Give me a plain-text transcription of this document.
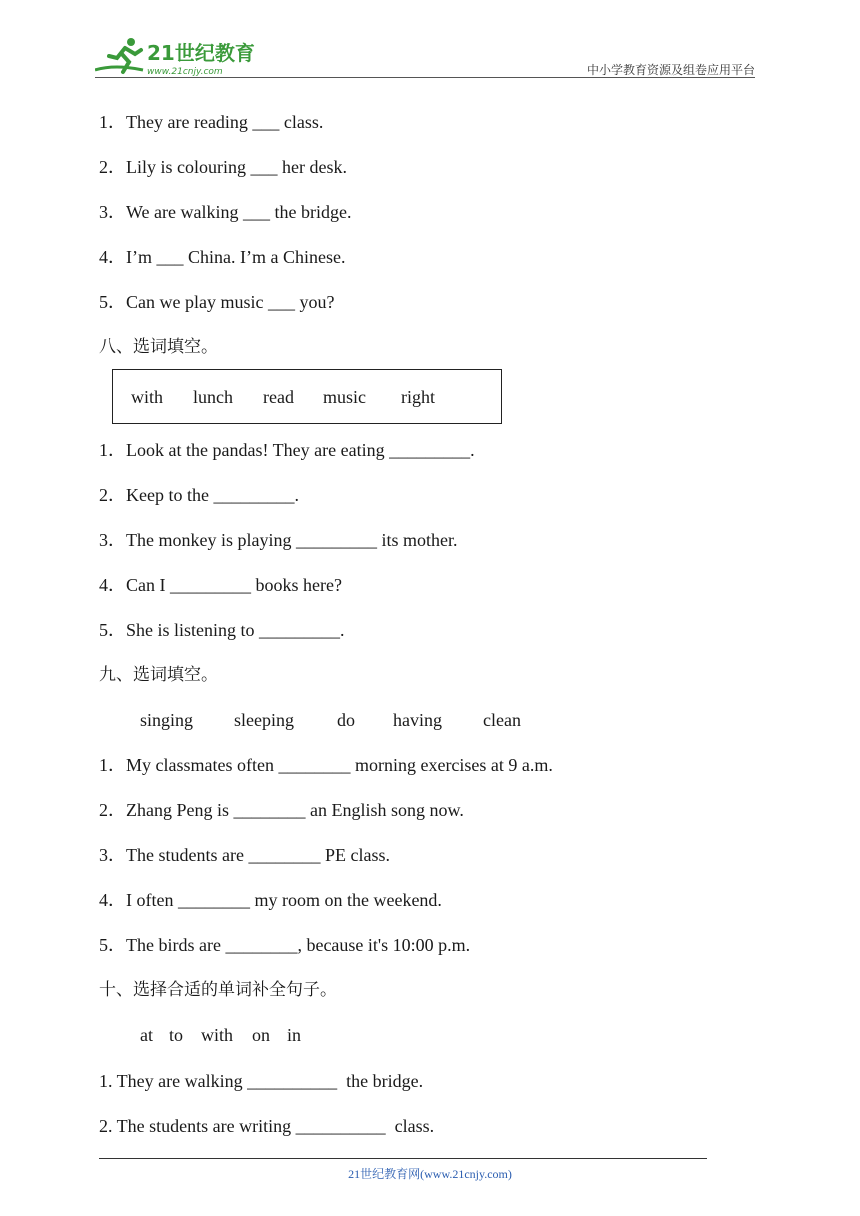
21世纪教育
www.21cnjy.com	中小学教育资源及组卷应用平台
1．They are reading ___ class.
2．Lily is colouring ___ her desk.
3．We are walking ___ the bridge.
4．I’m ___ China. I’m a Chinese.
5．Can we play music ___ you?
八、选词填空。
with lunch read music right
1．Look at the pandas! They are eating _________.
2．Keep to the _________.
3．The monkey is playing _________ its mother.
4．Can I _________ books here?
5．She is listening to _________.
九、选词填空。
singing sleeping do having clean
1．My classmates often ________ morning exercises at 9 a.m.
2．Zhang Peng is ________ an English song now.
3．The students are ________ PE class.
4．I often ________ my room on the weekend.
5．The birds are ________, because it's 10:00 p.m.
十、选择合适的单词补全句子。
at to with on in
1. They are walking __________  the bridge.
2. The students are writing __________  class.
21世纪教育网(www.21cnjy.com)
